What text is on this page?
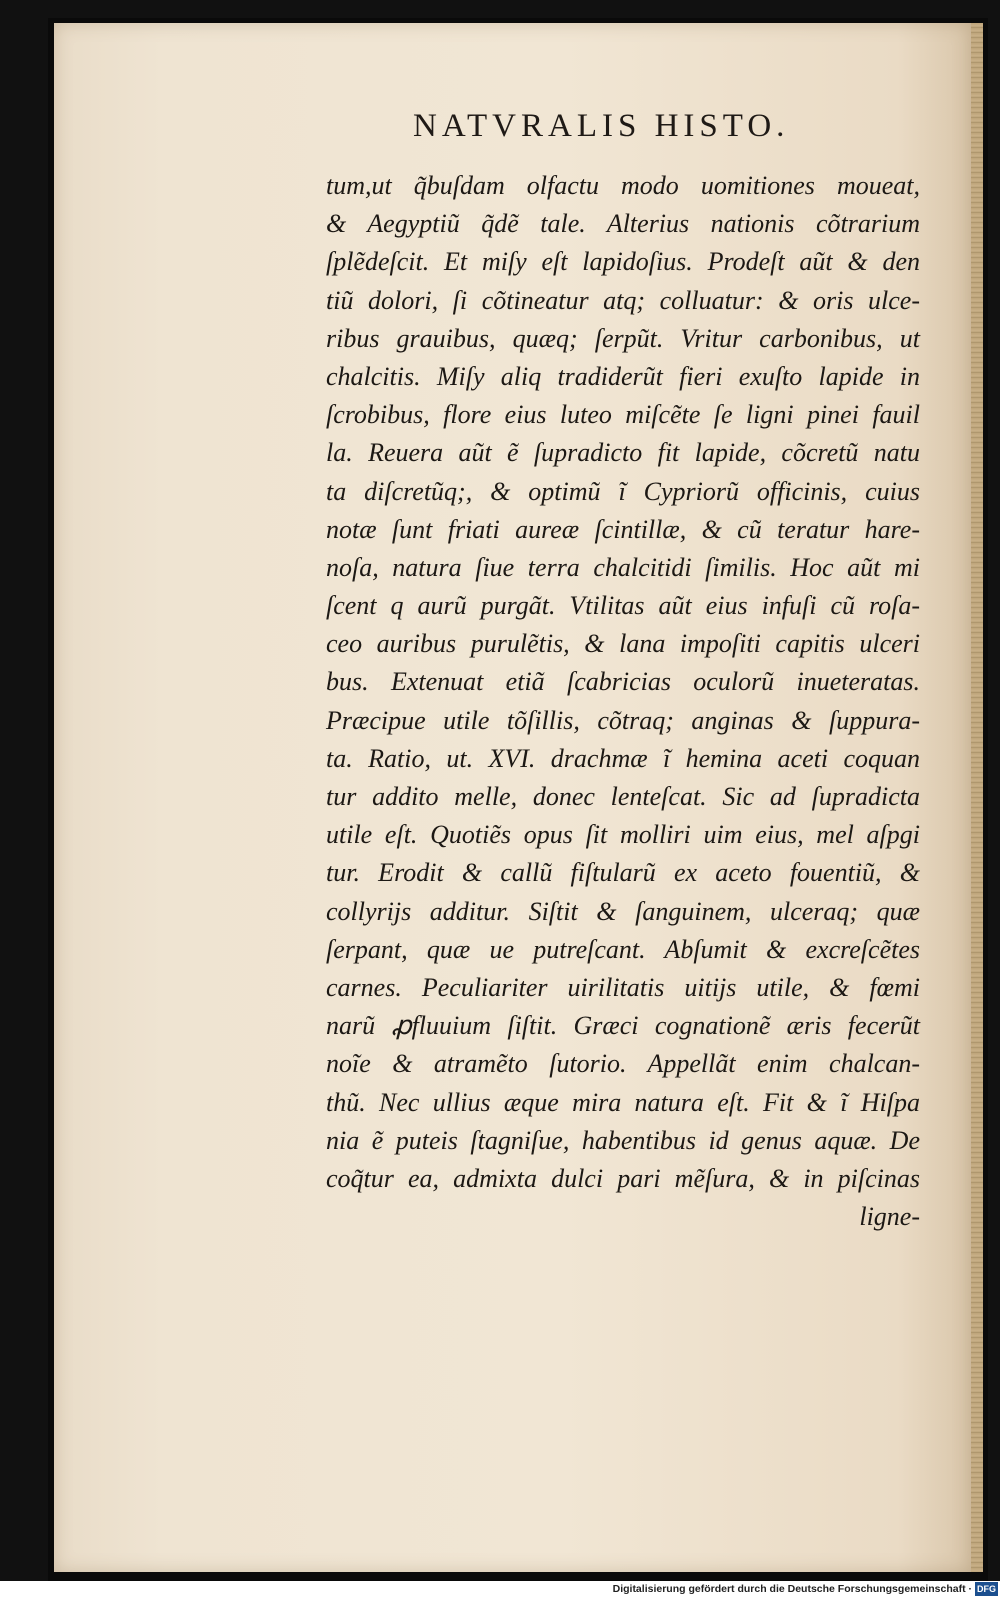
NATVRALIS HISTO.
tum,ut q̃buſdam olfactu modo uomitiones moueat,
& Aegyptiũ q̃dẽ tale. Alterius nationis cõtrarium
ſplẽdeſcit. Et miſy eſt lapidoſius. Prodeſt aũt & den
tiũ dolori, ſi cõtineatur atq; colluatur: & oris ulce-
ribus grauibus, quæq; ſerpũt. Vritur carbonibus, ut
chalcitis. Miſy aliq tradiderũt fieri exuſto lapide in
ſcrobibus, flore eius luteo miſcẽte ſe ligni pinei fauil
la. Reuera aũt ẽ ſupradicto fit lapide, cõcretũ natu
ta diſcretũq;, & optimũ ĩ Cypriorũ officinis, cuius
notæ ſunt friati aureæ ſcintillæ, & cũ teratur hare-
noſa, natura ſiue terra chalcitidi ſimilis. Hoc aũt mi
ſcent q aurũ purgãt. Vtilitas aũt eius infuſi cũ roſa-
ceo auribus purulẽtis, & lana impoſiti capitis ulceri
bus. Extenuat etiã ſcabricias oculorũ inueteratas.
Præcipue utile tõſillis, cõtraq; anginas & ſuppura-
ta. Ratio, ut. XVI. drachmæ ĩ hemina aceti coquan
tur addito melle, donec lenteſcat. Sic ad ſupradicta
utile eſt. Quotiẽs opus ſit molliri uim eius, mel aſpgi
tur. Erodit & callũ fiſtularũ ex aceto fouentiũ, &
collyrijs additur. Siſtit & ſanguinem, ulceraq; quæ
ſerpant, quæ ue putreſcant. Abſumit & excreſcẽtes
carnes. Peculiariter uirilitatis uitijs utile, & fœmi
narũ ꝓfluuium ſiſtit. Græci cognationẽ æris fecerũt
noĩe & atramẽto ſutorio. Appellãt enim chalcan-
thũ. Nec ullius æque mira natura eſt. Fit & ĩ Hiſpa
nia ẽ puteis ſtagniſue, habentibus id genus aquæ. De
coq̃tur ea, admixta dulci pari mẽſura, & in piſcinas
ligne-
Digitalisierung gefördert durch die Deutsche Forschungsgemeinschaft · DFG
